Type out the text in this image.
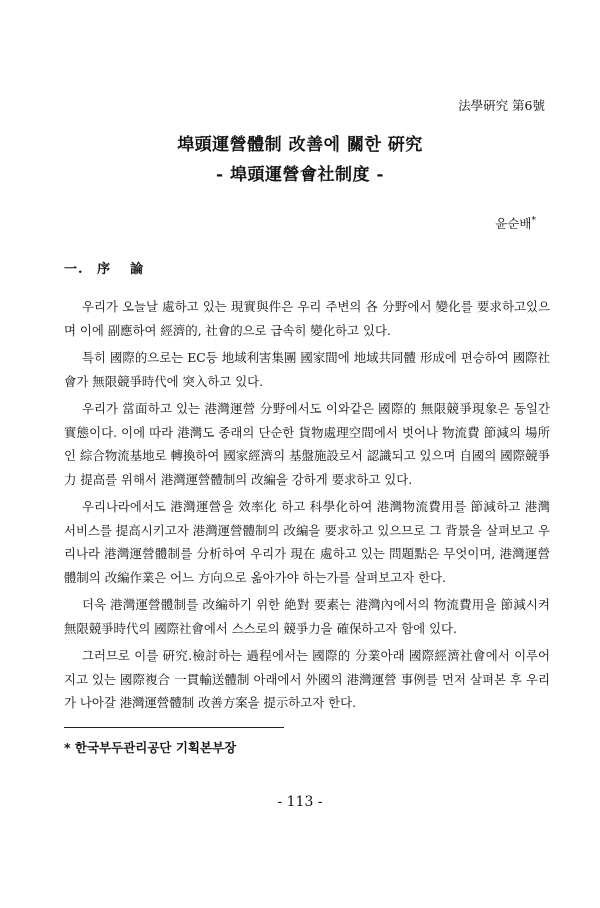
法學硏究 第6號
埠頭運營體制 改善에 關한 硏究
- 埠頭運營會社制度 -
윤순배*
一. 序論

우리가 오늘날 處하고 있는 現實與件은 우리 주변의 各 分野에서 變化를 要求하고있으며 이에 副應하여 經濟的, 社會的으로 급속히 變化하고 있다.

특히 國際的으로는 EC등 地域利害集團 國家間에 地域共同體 形成에 편승하여 國際社會가 無限競爭時代에 突入하고 있다.

우리가 當面하고 있는 港灣運營 分野에서도 이와같은 國際的 無限競爭現象은 동일간 實態이다. 이에 따라 港灣도 종래의 단순한 貨物處理空間에서 벗어나 物流費 節減의 場所인 綜合物流基地로 轉換하여 國家經濟의 基盤施設로서 認識되고 있으며 自國의 國際競爭力 提高를 위해서 港灣運營體制의 改編을 강하게 要求하고 있다.

우리나라에서도 港灣運營을 效率化 하고 科學化하여 港灣物流費用를 節減하고 港灣 서비스를 提高시키고자 港灣運營體制의 改編을 要求하고 있으므로 그 背景을 살펴보고 우리나라 港灣運營體制를 分析하여 우리가 現在 處하고 있는 問題點은 무엇이며, 港灣運營體制의 改編作業은 어느 方向으로 옮아가야 하는가를 살펴보고자 한다.

더욱 港灣運營體制를 改編하기 위한 絶對 要素는 港灣內에서의 物流費用을 節減시켜 無限競爭時代의 國際社會에서 스스로의 競爭力을 確保하고자 함에 있다.

그러므로 이를 硏究.檢討하는 過程에서는 國際的 分業아래 國際經濟社會에서 이루어지고 있는 國際複合 一貫輸送體制 아래에서 外國의 港灣運營 事例를 먼저 살펴본 후 우리가 나아갈 港灣運營體制 改善方案을 提示하고자 한다.

* 한국부두관리공단 기획본부장
- 113 -
